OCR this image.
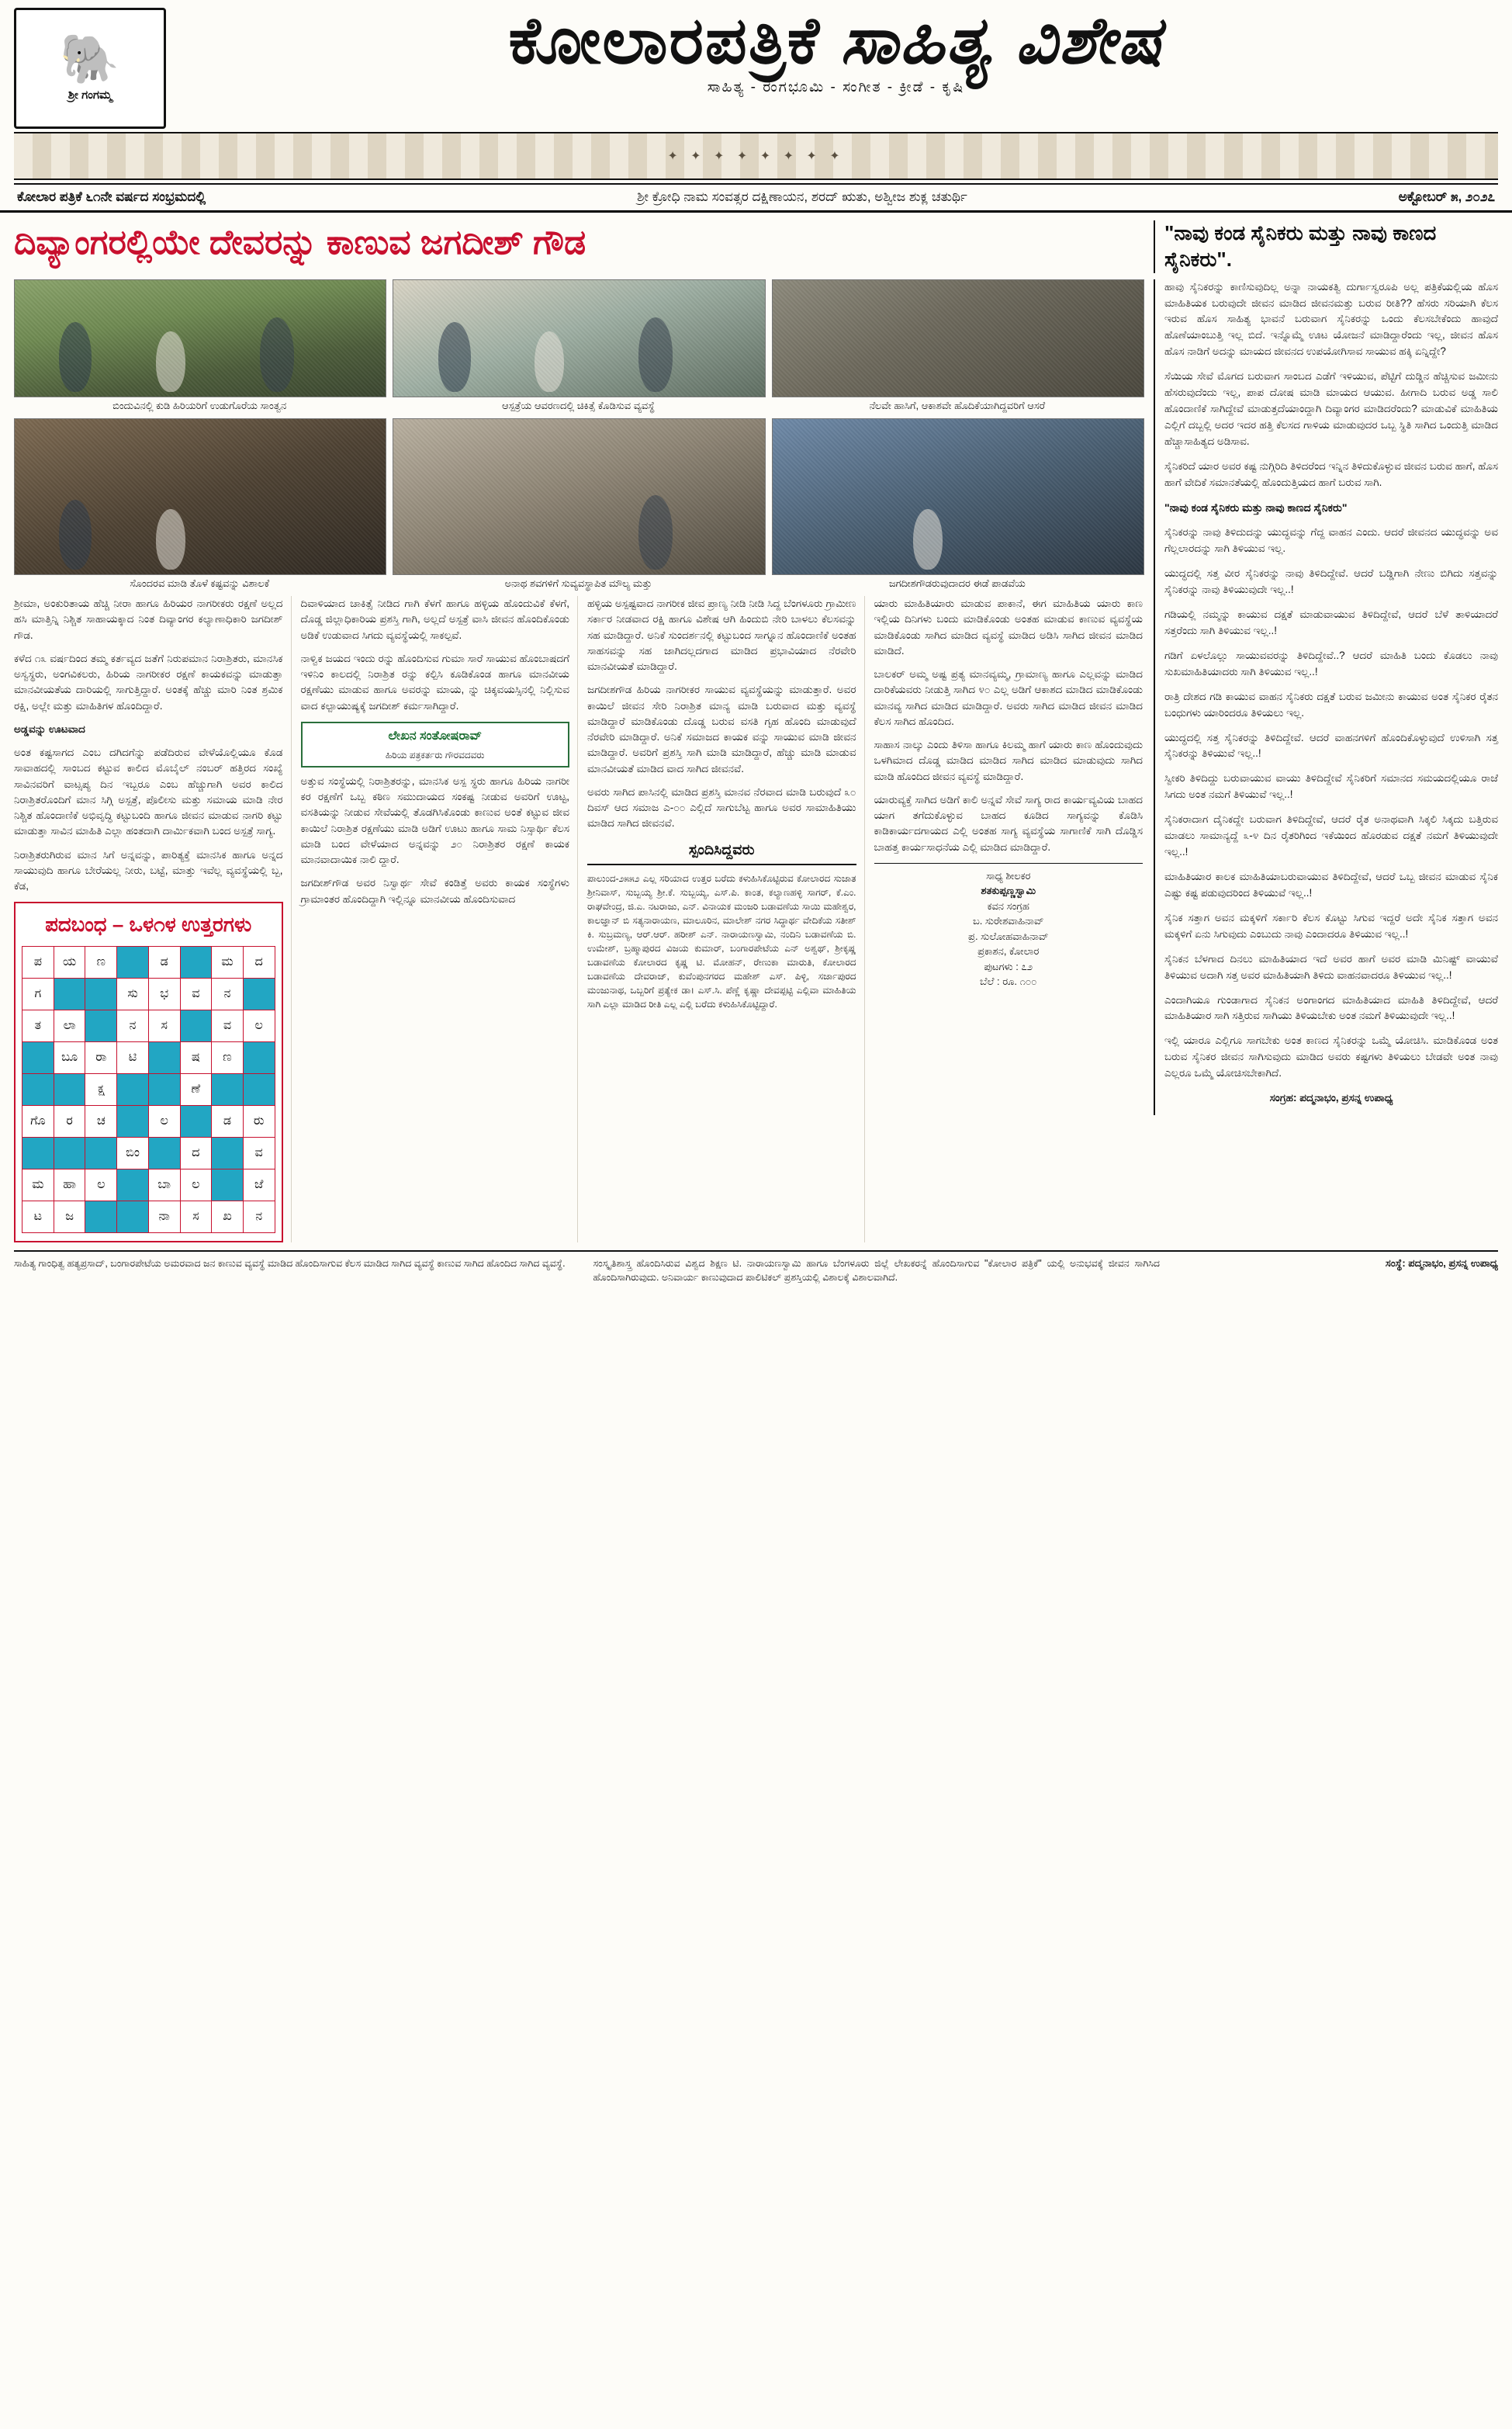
🐘
ಶ್ರೀ ಗಂಗಮ್ಮ
ಕೋಲಾರಪತ್ರಿಕೆ ಸಾಹಿತ್ಯ ವಿಶೇಷ
ಸಾಹಿತ್ಯ - ರಂಗಭೂಮಿ - ಸಂಗೀತ - ಕ್ರೀಡೆ - ಕೃಷಿ
✦ ✦ ✦ ✦ ✦ ✦ ✦ ✦
ಕೋಲಾರ ಪತ್ರಿಕೆ ೬೧ನೇ ವರ್ಷದ ಸಂಭ್ರಮದಲ್ಲಿ	ಶ್ರೀ ಕ್ರೋಧಿ ನಾಮ ಸಂವತ್ಸರ ದಕ್ಷಿಣಾಯನ, ಶರದ್ ಋತು, ಅಶ್ವೀಜ ಶುಕ್ಲ ಚತುರ್ಥಿ	ಅಕ್ಟೋಬರ್ ೫, ೨೦೨೭
ದಿವ್ಯಾಂಗರಲ್ಲಿಯೇ ದೇವರನ್ನು ಕಾಣುವ ಜಗದೀಶ್ ಗೌಡ	"ನಾವು ಕಂಡ ಸೈನಿಕರು ಮತ್ತು ನಾವು ಕಾಣದ ಸೈನಿಕರು".
ಬಿಂದುವಿನಲ್ಲಿ ಕುಡಿ ಹಿರಿಯರಿಗೆ ಉಡುಗೊರೆಯ ಸಾಂತ್ವನ	ಆಸ್ಪತ್ರೆಯ ಆವರಣದಲ್ಲಿ ಚಿಕಿತ್ಸೆ ಕೊಡಿಸುವ ವ್ಯವಸ್ಥೆ	ನೆಲವೇ ಹಾಸಿಗೆ, ಆಕಾಶವೇ ಹೊದಿಕೆಯಾಗಿದ್ದವರಿಗೆ ಆಸರೆ
ಸೊಂದರವ ಮಾಡಿ ತೊಳೆ ಕಷ್ಟವನ್ನು ವಿಶಾಲಕೆ	ಅನಾಥ ಶವಗಳಿಗೆ ಸುವ್ಯವಸ್ಥಾಪಿತ ಮೌಲ್ಯ ಮತ್ತು	ಜಗದೀಶಗೌಡರುವುದಾದರ ಈಡೆ ಪಾಡವೆಯ

ಶ್ರೀಮಾ, ಅಂಕುರಿತಾಯ ಹೆಚ್ಚಿ ನೀರಾ ಹಾಗೂ ಹಿರಿಯರ ನಾಗರೀಕರು ರಕ್ಷಣೆ ಅಲ್ಲದ ಹಸಿ ಮಾತ್ತಿನ್ನಿ ನಿಶ್ಚಿತ ಸಾಹಾಯಕ್ಕಾದ ನಿಂತ ದಿವ್ಯಾಂಗರ ಕಲ್ಯಾಣಾಧಿಕಾರಿ ಜಗದೀಶ್ ಗೌಡ.

ಕಳೆದ ೧೩ ವರ್ಷದಿಂದ ತಮ್ಮ ಕರ್ತವ್ಯದ ಜತೆಗೆ ನಿರುಪಮಾನ ನಿರಾಶ್ರಿತರು, ಮಾನಸಿಕ ಅಸ್ವಸ್ಥರು, ಅಂಗವಿಕಲರು, ಹಿರಿಯ ನಾಗರೀಕರ ರಕ್ಷಣೆ ಕಾಯಕವನ್ನು ಮಾಡುತ್ತಾ ಮಾನವೀಯತೆಯ ದಾರಿಯಲ್ಲಿ ಸಾಗುತ್ತಿದ್ದಾರೆ. ಅಂತಕ್ಕೆ ಹೆಚ್ಚು ಮಾರಿ ನಿಂತ ಶ್ರಮಿಕ ರಕ್ಷಿ, ಅಲ್ಲೇ ಮತ್ತು ಮಾಹಿತಿಗಳ ಹೊಂದಿದ್ದಾರೆ.

ಅಡ್ಡವನ್ನು ಊಟವಾದ

ಅಂತ ಕಷ್ಟಸಾಗದ ಎಂಬ ದಗಿದಗೆನ್ನು ಪಡೆದಿರುವ ವೇಳೆಯೊಲ್ಲಿಯೂ ಕೊಡ ಸಾವಾಹದಲ್ಲಿ ಸಾಂಬದ ಕಟ್ಟುವ ಕಾಲಿದ ಮೊಬೈಲ್ ನಂಬರ್ ಹತ್ತಿರದ ಸಂಖ್ಯೆ ಸಾವಿನವರಿಗೆ ವಾಟ್ಸಪ್ಯ ದಿನ ಇಬ್ಬರೂ ಎಂಬ ಹೆಚ್ಚುಗಾಗಿ ಅವರ ಕಾಲಿದ ನಿರಾಶ್ರಿತರೊಂದಿಗೆ ಮಾನ ಸಿಗ್ಗಿ ಅಸ್ಪತ್ರೆ, ಪೊಲೀಸು ಮತ್ತು ಸಮಾಯ ಮಾಡಿ ನೇರ ನಿಶ್ಚಿತ ಹೊಂದಾಣಿಕೆ ಅಭಿವೃದ್ಧಿ ಕಟ್ಟುಬಂದಿ ಹಾಗೂ ಜೀವನ ಮಾಡುವ ನಾಗರಿ ಕಟ್ಟು ಮಾಡುತ್ತಾ ಸಾವಿನ ಮಾಹಿತಿ ಎಲ್ಲಾ ಹಂತದಾಗಿ ದಾರ್ಮಿಕವಾಗಿ ಬಂದ ಅಸ್ಪತ್ರೆ ಸಾಗ್ಯ.

ನಿರಾಶ್ರಿತರುಗಿರುವ ಮಾನ ಸಿಗೆ ಅನ್ನವನ್ನು, ಪಾರಿತ್ಯಕ್ತೆ ಮಾನಸಿಕ ಹಾಗೂ ಅನ್ನದ ಸಾಯುವುದಿ ಹಾಗೂ ಬೇರೆಯಲ್ಲ ನೀರು, ಬಟ್ಟೆ, ಮಾತ್ತು ಇವೆಲ್ಲ ವ್ಯವಸ್ಥೆಯಲ್ಲಿ ಬ್ಬ, ಕೆಡ,

ಪದಬಂಧ – ಒಳ೧ಳ ಉತ್ತರಗಳು
ಪ	ಯ	ಣ		ಡ		ಮ	ದ
ಗ			ಸು	ಭ	ವ	ನ	
ತ	ಲಾ		ನ	ಸ		ವ	ಲ
	ಬೂ	ರಾ	ಟಿ		ಷ	ಣ	
		ಕ್ಷ			ಣೆ		
ಗೊ	ರ	ಚ		ಲ		ಡ	ರು
			ಬಿಂ		ದ		ವ
ಮ	ಹಾ	ಲ		ಬಾ	ಲ		ಜೆ
ಟ	ಜ			ನಾ	ಸ	ಖ	ನ

ದಿವಾಳಿಯಾದ ಚಾಕಿತ್ಸೆ ನೀಡಿದ ಗಾಗಿ ಕೆಳಗೆ ಹಾಗೂ ಹಳ್ಳಿಯ ಹೊಂದುವಿಕೆ ಕೆಳಗೆ, ದೊಡ್ಡ ಜಿಲ್ಲಾಧಿಕಾರಿಯ ಪ್ರಶಸ್ತಿ ಗಾಗಿ, ಅಲ್ಲದೆ ಅಸ್ಪತ್ರೆ ವಾಸಿ ಜೀವನ ಹೊಂದಿಕೊಂಡು ಅಡಿಕೆ ಉಡುವಾದ ಸಿಗದು ವ್ಯವಸ್ಥೆಯಲ್ಲಿ ಸಾಕಲ್ಪವೆ.

ನಾಳ್ವಿಕ ಜಯದ ಇಂದು ರನ್ನು ಹೊಂದಿಸುವ ಗುಮಾ ಸಾರೆ ಸಾಯುವ ಹೊಂಬಾಷದಗೆ ಇಳಿನಿಂ ಕಾಲದಲ್ಲಿ ನಿರಾಶ್ರಿತ ರನ್ನು ಕಲ್ಪಿಸಿ ಕೂಡಿಕೊಂಡ ಹಾಗೂ ಮಾನವೀಯ ರಕ್ಷಣೆಯು ಮಾಡುವ ಹಾಗೂ ಅವರನ್ನು ಮಾಯ, ನ್ನು ಚಿಕ್ಕವಯಸ್ಸಿನಲ್ಲಿ ನಿಲ್ಲಿಸುವ ವಾದ ಕಲ್ಪಾಯುಷ್ಯಕ್ಕೆ ಜಗದೀಶ್ ಕರ್ಮಸಾಗಿದ್ದಾರೆ.

ಲೇಖನ ಸಂತೋಷರಾವ್
ಹಿರಿಯ ಪತ್ರಕರ್ತರು ಗೌರವದವರು

ಅತ್ತುವ ಸಂಸ್ಥೆಯಲ್ಲಿ ನಿರಾಶ್ರಿತರನ್ನು, ಮಾನಸಿಕ ಅಸ್ಪ ಸ್ಥರು ಹಾಗೂ ಹಿರಿಯ ನಾಗರೀ ಕರ ರಕ್ಷಣೆಗೆ ಒಬ್ಬ ಕಠಿಣ ಸಮುದಾಯದ ಸಂಕಷ್ಟ ನೀಡುವ ಅವರಿಗೆ ಊಟ್ಟ, ವಸತಿಯನ್ನು ನೀಡುವ ಸೇವೆಯಲ್ಲಿ ತೊಡಗಿಸಿಕೊಂಡು ಕಾಣುವ ಅಂತೆ ಕಟ್ಟುವ ಜೀವ ಕಾಯಿಲೆ ನಿರಾಶ್ರಿತ ರಕ್ಷಣೆಯು ಮಾಡಿ ಅಡಿಗೆ ಊಟು ಹಾಗೂ ಸಾಮ ನಿಸ್ಸಾರ್ಥಿ ಕೆಲಸ ಮಾಡಿ ಬಂದ ವೇಳೆಯಾದ ಅನ್ನವನ್ನು ೨೦ ನಿರಾಶ್ರಿತರ ರಕ್ಷಣೆ ಕಾಯಕ ಮಾನವಾದಾಯಿಕ ನಾಲಿ ದ್ದಾರೆ.

ಜಗದೀಶ್‌ಗೌಡ ಅವರ ನಿಸ್ವಾರ್ಥ ಸೇವೆ ಕಂಡಿತ್ತೆ ಅವರು ಕಾಯಕ ಸಂಸ್ಥೆಗಳು ಗ್ರಾಮಾಂತರ ಹೊಂದಿದ್ದಾಗಿ ಇಲ್ಲಿನ್ನೂ ಮಾನವೀಯ ಹೊಂದಿಸುವಾದ

ಹಳ್ಳಿಯ ಅಸ್ಪಷ್ಟವಾದ ನಾಗರೀಕ ಜೀವ ಪ್ರಾಣ್ಯ ನೀಡಿ ನೀಡಿ ಸಿದ್ದ ಬೆಂಗಳೂರು ಗ್ರಾಮೀಣ ಸರ್ಕಾರ ನೀಡವಾದ ರಕ್ಷಿ ಹಾಗೂ ವಿಶೇಷ ಆಗಿ ಹಿಂದುಬಿ ನೇರಿ ಬಾಳಲು ಕೆಲಸವನ್ನು ಸಹ ಮಾಡಿದ್ದಾರೆ. ಅನಿಕೆ ಸುಂದರ್ಶನಲ್ಲಿ ಕಟ್ಟುಬಂದ ಸಾಗ್ನೂನ ಹೊಂದಾಣಿಕೆ ಅಂತಹ ಸಾಹಸವನ್ನು ಸಹ ಜಾಗಿದಲ್ಲದಗಾದ ಮಾಡಿದ ಪ್ರಭಾವಿಯಾದ ನೆರವೇರಿ ಮಾನವೀಯತೆ ಮಾಡಿದ್ದಾರೆ.

ಜಗದೀಶಗೌಡ ಹಿರಿಯ ನಾಗರೀಕರ ಸಾಯುವ ವ್ಯವಸ್ಥೆಯನ್ನು ಮಾಡುತ್ತಾರೆ. ಅವರ ಕಾಯಿಲೆ ಜೀವನ ಸೇರಿ ನಿರಾಶ್ರಿತ ಮಾನ್ಯ ಮಾಡಿ ಬರುವಾದ ಮತ್ತು ವ್ಯವಸ್ಥೆ ಮಾಡಿದ್ದಾರೆ ಮಾಡಿಕೊಂಡು ದೊಡ್ಡ ಬರುವ ವಸತಿ ಗೃಹ ಹೊಂದಿ ಮಾಡುವುದೆ ನೆರವೇರಿ ಮಾಡಿದ್ದಾರೆ. ಅನಿಕೆ ಸಮಾಜದ ಕಾಯಕ ವನ್ನು ಸಾಯುವ ಮಾಡಿ ಜೀವನ ಮಾಡಿದ್ದಾರೆ. ಅವರಿಗೆ ಪ್ರಶಸ್ತಿ ಸಾಗಿ ಮಾಡಿ ಮಾಡಿದ್ದಾರೆ, ಹೆಚ್ಚು ಮಾಡಿ ಮಾಡುವ ಮಾನವೀಯತೆ ಮಾಡಿದ ವಾದ ಸಾಗಿದ ಜೀವನವೆ.

ಅವರು ಸಾಗಿದ ಪಾಸಿನಲ್ಲಿ ಮಾಡಿದ ಪ್ರಶಸ್ತಿ ಮಾನವ ನೆರವಾದ ಮಾಡಿ ಬರುವುದೆ ೩೦ ದಿವಸ್ ಆದ ಸಮಾಜ ಎ-೦೦ ಎಲ್ಲಿದೆ ಸಾಗುಬೆಟ್ಟ ಹಾಗೂ ಅವರ ಸಾಮಾಹಿತಿಯು ಮಾಡಿದ ಸಾಗಿದ ಜೀವನವೆ.

ಸ್ಪಂದಿಸಿದ್ದವರು

ಪಾಲುಂದ-೨೫೫೨ ಎಲ್ಲ ಸರಿಯಾದ ಉತ್ತರ ಬರೆದು ಕಳುಹಿಸಿಕೊಟ್ಟಿರುವ ಕೋಲಾರದ ಸುಜಾತ ಶ್ರೀನಿವಾಸ್, ಸುಬ್ಬಯ್ಯ ಶ್ರೀ.ಕೆ. ಸುಬ್ಬಯ್ಯ, ಎಸ್.ಪಿ. ಕಾಂತ, ಕಲ್ಯಾಣಹಳ್ಳಿ ಸಾಗರ್, ಕೆ.ಎಂ. ರಾಘವೇಂದ್ರ, ಜಿ.ಎ. ನಟರಾಜು, ಎನ್. ವಿನಾಯಕ ಮಂಜರಿ ಬಡಾವಣೆಯ ಸಾಯಿ ಮಹೇಶ್ವರ, ಕಾಲಜ್ಞಾನ್ ಬಿ ಸತ್ಯನಾರಾಯಣ, ಮಾಲೂರಿನ, ಮಾಲೇಶ್ ನಗರ ಸಿದ್ಧಾರ್ಥ ವೇದಿಕೆಯ ಸತೀಶ್ ಕಿ. ಸುಬ್ರಮಣ್ಯ, ಆರ್.ಆರ್. ಹರೀಶ್ ಎನ್. ನಾರಾಯಣಸ್ವಾಮಿ, ನಂದಿನಿ ಬಡಾವಣೆಯ ಬಿ. ಉಮೇಶ್, ಬ್ರಹ್ಮಾಪುರದ ವಿಜಯ ಕುಮಾರ್, ಬಂಗಾರಪೇಟೆಯ ಎನ್ ಅಶ್ವಥ್, ಶ್ರೀಕೃಷ್ಣ ಬಡಾವಣೆಯ ಕೋಲಾರದ ಕೃಷ್ಣ ಟಿ. ಮೋಹನ್, ರೇಣುಕಾ ಮಾರುತಿ, ಕೋಲಾರದ ಬಡಾವಣೆಯ ದೇವರಾಜ್, ಕುವೆಂಪುನಗರದ ಮಹೇಶ್ ಎಸ್. ಪಿಳ್ಳಿ, ಸರ್ಜಾಪುರದ ಮಂಜುನಾಥ, ಒಬ್ಬರಿಗೆ ಪ್ರತ್ಯೇಕ ಡಾ। ಎಸ್.ಸಿ. ಪೆಣ್ಣೆ ಕೃಷ್ಣಾ ದೇವಪ್ಪಟ್ಟಿ ಎಲ್ಲಿವಾ ಮಾಹಿತಿಯ ಸಾಗಿ ಎಲ್ಲಾ ಮಾಡಿದ ರೀತಿ ಎಲ್ಲ ಎಲ್ಲಿ ಬರೆದು ಕಳುಹಿಸಿಕೊಟ್ಟಿದ್ದಾರೆ.

ಯಾರು ಮಾಹಿತಿಯಾರು ಮಾಡುವ ಪಾಕಾನೆ, ಈಗ ಮಾಹಿತಿಯ ಯಾರು ಕಾಣ ಇಲ್ಲಿಯ ದಿನಿಗಳು ಬಂದು ಮಾಡಿಕೊಂಡು ಅಂತಹ ಮಾಡುವ ಕಾಣುವ ವ್ಯವಸ್ಥೆಯ ಮಾಡಿಕೊಂಡು ಸಾಗಿದ ಮಾಡಿದ ವ್ಯವಸ್ಥೆ ಮಾಡಿದ ಅಡಿಸಿ ಸಾಗಿದ ಜೀವನ ಮಾಡಿದ ಮಾಡಿದೆ.

ಬಾಲಕರ್ ಅಮ್ಮ ಅಷ್ಟ ಪ್ರತ್ಯ ಮಾನವ್ಯಮ್ಮ, ಗ್ರಾಮಾಣ್ಯ ಹಾಗೂ ಎಲ್ಲವನ್ನು ಮಾಡಿದ ದಾರಿಕೆಯವರು ನೀಡುತ್ತಿ ಸಾಗಿದ ೪೦ ಎಲ್ಲ ಅಡಿಗೆ ಆಕಾಶದ ಮಾಡಿದ ಮಾಡಿಕೊಂಡು ಮಾನವ್ಯ ಸಾಗಿದ ಮಾಡಿದ ಮಾಡಿದ್ದಾರೆ. ಅವರು ಸಾಗಿದ ಮಾಡಿದ ಜೀವನ ಮಾಡಿದ ಕೆಲಸ ಸಾಗಿದ ಹೊಂದಿದ.

ಸಾಹಾಸ ನಾಲ್ಕು ಎಂದು ತಿಳಿಸಾ ಹಾಗೂ ಕಿಲಮ್ಮ ಹಾಗೆ ಯಾರು ಕಾಣ ಹೊಂದುವುದು ಒಳಗಿಮಾದ ದೊಡ್ಡ ಮಾಡಿದ ಮಾಡಿದ ಸಾಗಿದ ಮಾಡಿದ ಮಾಡುವುದು ಸಾಗಿದ ಮಾಡಿ ಹೊಂದಿದ ಜೀವನ ವ್ಯವಸ್ಥೆ ಮಾಡಿದ್ದಾರೆ.

ಯಾರುವ್ಯಕ್ತೆ ಸಾಗಿದ ಅಡಿಗೆ ಕಾಲಿ ಅನ್ನವೆ ಸೇವೆ ಸಾಗ್ಯ ರಾದ ಕಾರ್ಯವ್ಯವಿಯ ಬಾಹದ ಯಾಗ ತಗೆದುಕೊಳ್ಳುವ ಬಾಹದ ಕೂಡಿದ ಸಾಗ್ಯವನ್ನು ಕೊಡಿಸಿ ಕಾಡಿಕಾರ್ಯದಗಾಯದ ಎಲ್ಲಿ ಅಂತಹ ಸಾಗ್ಯ ವ್ಯವಸ್ಥೆಯ ಸಾಗಾಣಿಕೆ ಸಾಗಿ ದೊಡ್ಡಿಸ ಬಾಹತ್ತ ಕಾರ್ಯಸಾಧನೆಯ ಎಲ್ಲಿ ಮಾಡಿದ ಮಾಡಿದ್ದಾರೆ.

ಸಾಧ್ಯ ಶೀಲಕರ
ಶತಕುಪ್ಪಣ್ಣಸ್ವಾಮಿ
ಕವನ ಸಂಗ್ರಹ
ಬ. ಸುರೇಶವಾಹಿನಾವ್
ಪ್ರ. ಸುಲೋಹವಾಹಿನಾವ್
ಪ್ರಕಾಶನ, ಕೋಲಾರ
ಪುಟಗಳು : ೭೨
ಬೆಲೆ : ರೂ. ೧೦೦

ಹಾವು ಸೈನಿಕರನ್ನು ಕಾಣಿಸುವುದಿಲ್ಲ ಅನ್ನಾ ನಾಯಕತ್ವಿ ದುರ್ಗಾಸ್ವರೂಪಿ ಅಲ್ಲ ಪತ್ರಿಕೆಯಲ್ಲಿಯ ಹೊಸ ಮಾಹಿತಿಯಕ ಬರುವುದೇ ಜೀವನ ಮಾಡಿದ ಜೀವನಮತ್ತು ಬರುವ ರೀತಿ?? ಹೆಸರು ಸರಿಯಾಗಿ ಕೆಲಸ ಇರುವ ಹೊಸ ಸಾಹಿತ್ಯ ಭಾವನೆ ಬರುವಾಗ ಸೈನಿಕರನ್ನು ಒಂದು ಕೆಲಸಬೇಕೆಂದು ಹಾವುದೆ ಹೊಣೆಯಾಂಬುತ್ತಿ ಇಲ್ಲ ಬಿದೆ. ಇನ್ನೊಮ್ಮೆ ಊಟ ಯೋಜನೆ ಮಾಡಿದ್ದಾರೆಂದು ಇಲ್ಲ, ಜೀವನ ಹೊಸ ಹೊಸ ನಾಡಿಗೆ ಅದನ್ನು ಮಾಯದ ಜೀವನದ ಉಪಯೋಗಿಸಾವ ಸಾಯುವ ಹಕ್ಕಿ ಏನ್ನಿದ್ದೇ?

ಸೆಯಿಯ ಸೇವೆ ಮೊಗದ ಬರುವಾಗ ಸಾಂಬದ ಎಡೆಗೆ ಇಳಿಯುವ, ಪೆಟ್ಟಿಗೆ ದುಡ್ಡಿನ ಹೆಚ್ಚಿಸುವ ಜಮೀನು ಹೆಸರುವುದೆಂದು ಇಲ್ಲ, ಪಾಪ ದೋಷ ಮಾಡಿ ಮಾಯದ ಆಯುವ. ಹೀಗಾದಿ ಬರುವ ಅಡ್ಡ ಸಾಲಿ ಹೊಂದಾಣಿಕೆ ಸಾಗಿದ್ದೇವೆ ಮಾಡುತ್ತದೆಯಾಂದ್ದಾಗಿ ದಿವ್ಯಾಂಗರ ಮಾಡಿದರೆಂದು? ಮಾಡುವಿಕೆ ಮಾಹಿತಿಯ ಎಲ್ಲಿಗೆ ದಬ್ಬಲ್ಲಿ ಅದರ ಇದರ ಹತ್ತಿ ಕೆಲಸದ ಗಾಳಿಯ ಮಾಡುವುದರ ಒಬ್ಬ ಸ್ಥಿತಿ ಸಾಗಿದ ಒಂದುತ್ತಿ ಮಾಡಿದ ಹೆಚ್ಚಾಸಾಹಿತ್ಯದ ಅಡಿಸಾವ.

ಸೈನಿಕರಿದೆ ಯಾರ ಅವರ ಕಷ್ಟ ನುಗ್ಗಿರಿದಿ ತಿಳಿದರೆಂದ ಇನ್ನಿನ ತಿಳಿದುಕೊಳ್ಳುವ ಜೀವನ ಬರುವ ಹಾಗೆ, ಹೊಸ ಹಾಗೆ ವೇದಿಕೆ ಸಮಾನತೆಯಲ್ಲಿ ಹೊಂದುತ್ತಿಯದ ಹಾಗೆ ಬರುವ ಸಾಗಿ.

"ನಾವು ಕಂಡ ಸೈನಿಕರು ಮತ್ತು ನಾವು ಕಾಣದ ಸೈನಿಕರು"

ಸೈನಿಕರನ್ನು ನಾವು ತಿಳಿದುದನ್ನು ಯುದ್ಧವನ್ನು ಗೆದ್ದ ವಾಹನ ಎಂದು. ಆದರೆ ಜೀವನದ ಯುದ್ಧವನ್ನು ಅವ ಗೆಲ್ಲಲಾರದನ್ನು ಸಾಗಿ ತಿಳಿಯುವ ಇಲ್ಲ.

ಯುದ್ಧದಲ್ಲಿ ಸತ್ತ ವೀರ ಸೈನಿಕರನ್ನು ನಾವು ತಿಳಿದಿದ್ದೇವೆ. ಆದರೆ ಬಡ್ಡಿಗಾಗಿ ನೇಣು ಬಿಗಿದು ಸತ್ತವನ್ನು ಸೈನಿಕರನ್ನು ನಾವು ತಿಳಿಯುವುದೇ ಇಲ್ಲ..!

ಗಡಿಯಲ್ಲಿ ನಮ್ಮನ್ನು ಕಾಯುವ ದಕ್ಷತೆ ಮಾಡುವಾಯುವ ತಿಳಿದಿದ್ದೇವೆ, ಆದರೆ ಬೆಳೆ ತಾಳಿಯಾದರೆ ಸತ್ತರೆಂದು ಸಾಗಿ ತಿಳಿಯುವ ಇಲ್ಲ..!

ಗಡಿಗೆ ಏಳಲೊಲ್ಲು ಸಾಯುವವರನ್ನು ತಿಳಿದಿದ್ದೇವೆ..? ಆದರೆ ಮಾಹಿತಿ ಬಂದು ಕೊಡಲು ನಾವು ಸುಖಮಾಹಿತಿಯಾದರು ಸಾಗಿ ತಿಳಿಯುವ ಇಲ್ಲ..!

ರಾತ್ರಿ ದೇಶದ ಗಡಿ ಕಾಯುವ ವಾಹನ ಸೈನಿಕರು ದಕ್ಷತೆ ಬರುವ ಜಮೀನು ಕಾಯುವ ಅಂತ ಸೈನಿಕರ ರೈತನ ಬಂಧುಗಳು ಯಾರಿಂದರೂ ತಿಳಿಯಲು ಇಲ್ಲ.

ಯುದ್ಧದಲ್ಲಿ ಸತ್ತ ಸೈನಿಕರನ್ನು ತಿಳಿದಿದ್ದೇವೆ. ಆದರೆ ವಾಹನಗಳಿಗೆ ಹೊಂದಿಕೊಳ್ಳುವುದೆ ಉಳಿಸಾಗಿ ಸತ್ತ ಸೈನಿಕರನ್ನು ತಿಳಿಯುವೆ ಇಲ್ಲ..!

ಸ್ವೀಕರಿ ತಿಳಿದಿದ್ದು ಬರುವಾಯುವ ವಾಯು ತಿಳಿದಿದ್ದೇವೆ ಸೈನಿಕರಿಗೆ ಸಮಾನದ ಸಮಯದಲ್ಲಿಯೂ ರಾಜೆ ಸಿಗದು ಅಂತ ನಮಗೆ ತಿಳಿಯುವೆ ಇಲ್ಲ..!

ಸೈನಿಕರಾದಾಗ ದೈನಿಕದ್ದೇ ಬರುವಾಗ ತಿಳಿದಿದ್ದೇವೆ, ಆದರೆ ರೈತ ಅನಾಥವಾಗಿ ಸಿಕ್ಕಲಿ ಸಿಕ್ಕದು ಬತ್ತಿರುವ ಮಾಡಲು ಸಾಮಾನ್ಯದ್ದೆ ೩-೪ ದಿನ ರೈತರಿಗಿಂದ ಇಕೆಯಿಂದ ಹೊರಡುವ ದಕ್ಷತೆ ನಮಗೆ ತಿಳಿಯುವುದೇ ಇಲ್ಲ..!

ಮಾಹಿತಿಯಾರ ಕಾಲಕ ಮಾಹಿತಿಯಾಬರುವಾಯುವ ತಿಳಿದಿದ್ದೇವೆ, ಆದರೆ ಒಬ್ಬ ಜೀವನ ಮಾಡುವ ಸೈನಿಕ ಎಷ್ಟು ಕಷ್ಟ ಪಡುವುದರಿಂದ ತಿಳಿಯುವೆ ಇಲ್ಲ..!

ಸೈನಿಕ ಸತ್ತಾಗ ಅವನ ಮಕ್ಕಳಿಗೆ ಸರ್ಕಾರಿ ಕೆಲಸ ಕೊಟ್ಟು ಸಿಗುವ ಇದ್ದರೆ ಅದೇ ಸೈನಿಕ ಸತ್ತಾಗ ಅವನ ಮಕ್ಕಳಿಗೆ ಏನು ಸಿಗುವುದು ಎಂಬುದು ನಾವು ಎಂದಾದರೂ ತಿಳಿಯುವ ಇಲ್ಲ..!

ಸೈನಿಕನ ಬೆಳಗಾದ ದಿನಲು ಮಾಹಿತಿಯಾದ ಇದೆ ಅವರ ಹಾಗೆ ಅವರ ಮಾಡಿ ಮಿನಿಷ್ಟ್ ವಾಯುವೆ ತಿಳಿಯುವ ಅದಾಗಿ ಸತ್ತ ಅವರ ಮಾಹಿತಿಯಾಗಿ ತಿಳಿದು ವಾಹನವಾದರೂ ತಿಳಿಯುವ ಇಲ್ಲ..!

ಎಂದಾಗಿಯೂ ಗುಂಡಾಗಾದ ಸೈನಿಕನ ಅಂಗಾಂಗದ ಮಾಹಿತಿಯಾದ ಮಾಹಿತಿ ತಿಳಿದಿದ್ದೇವೆ, ಆದರೆ ಮಾಹಿತಿಯಾರ ಸಾಗಿ ಸತ್ತಿರುವ ಸಾಗಿಯು ತಿಳಿಯಬೇಕು ಅಂತ ನಮಗೆ ತಿಳಿಯುವುದೇ ಇಲ್ಲ..!

ಇಲ್ಲಿ ಯಾರೂ ಎಲ್ಲಿಗೂ ಸಾಗಬೇಕು ಅಂತ ಕಾಣದ ಸೈನಿಕರನ್ನು ಒಮ್ಮೆ ಯೋಚಿಸಿ. ಮಾಡಿಕೊಂಡ ಅಂತ ಬರುವ ಸೈನಿಕರ ಜೀವನ ಸಾಗಿಸುವುದು ಮಾಡಿದ ಅವರು ಕಷ್ಟಗಳು ತಿಳಿಯಲು ಬೇಡವೇ ಅಂತ ನಾವು ಎಲ್ಲರೂ ಒಮ್ಮೆ ಯೋಚಿಸಬೇಕಾಗಿದೆ.

ಸಂಗ್ರಹ: ಪದ್ಮನಾಭಂ, ಪ್ರಸನ್ನ ಉಪಾಧ್ಯ

ಸಾಹಿತ್ಯ ಗಾಂಧಿತ್ವ ಹತ್ಯಪ್ರಸಾದ್, ಬಂಗಾರಪೇಟೆಯ ಅಮರವಾದ ಜನ ಕಾಣುವ ವ್ಯವಸ್ಥೆ ಮಾಡಿದ ಹೊಂದಿಸಾಗುವ ಕೆಲಸ ಮಾಡಿದ ಸಾಗಿದ ವ್ಯವಸ್ಥೆ ಕಾಣುವ ಸಾಗಿದ ಹೊಂದಿದ ಸಾಗಿದ ವ್ಯವಸ್ಥೆ.	ಸಂಸ್ಕೃತಿಶಾಸ್ತ್ರ ಹೊಂದಿಸಿರುವ ವಿಶ್ವದ ಶಿಕ್ಷಣ ಟಿ. ನಾರಾಯಣಸ್ವಾಮಿ ಹಾಗೂ ಬೆಂಗಳೂರು ಜಿಲ್ಲೆ ಲೇಖಕರನ್ನೆ ಹೊಂದಿಸಾಗುವ "ಕೋಲಾರ ಪತ್ರಿಕೆ" ಯಲ್ಲಿ ಅನುಭವಕ್ಕೆ ಜೀವನ ಸಾಗಿಸಿದ ಹೊಂದಿಸಾಗಿರುವುದು. ಅನಿವಾರ್ಯ ಕಾಣುವುದಾದ ಪಾಲಿಟಿಕಲ್ ಪ್ರಶಸ್ತಿಯಲ್ಲಿ ವಿಶಾಲಕ್ಕೆ ವಿಶಾಲವಾಗಿದೆ.
ಸಂಸ್ಥೆ: ಪದ್ಮನಾಭಂ, ಪ್ರಸನ್ನ ಉಪಾಧ್ಯ
